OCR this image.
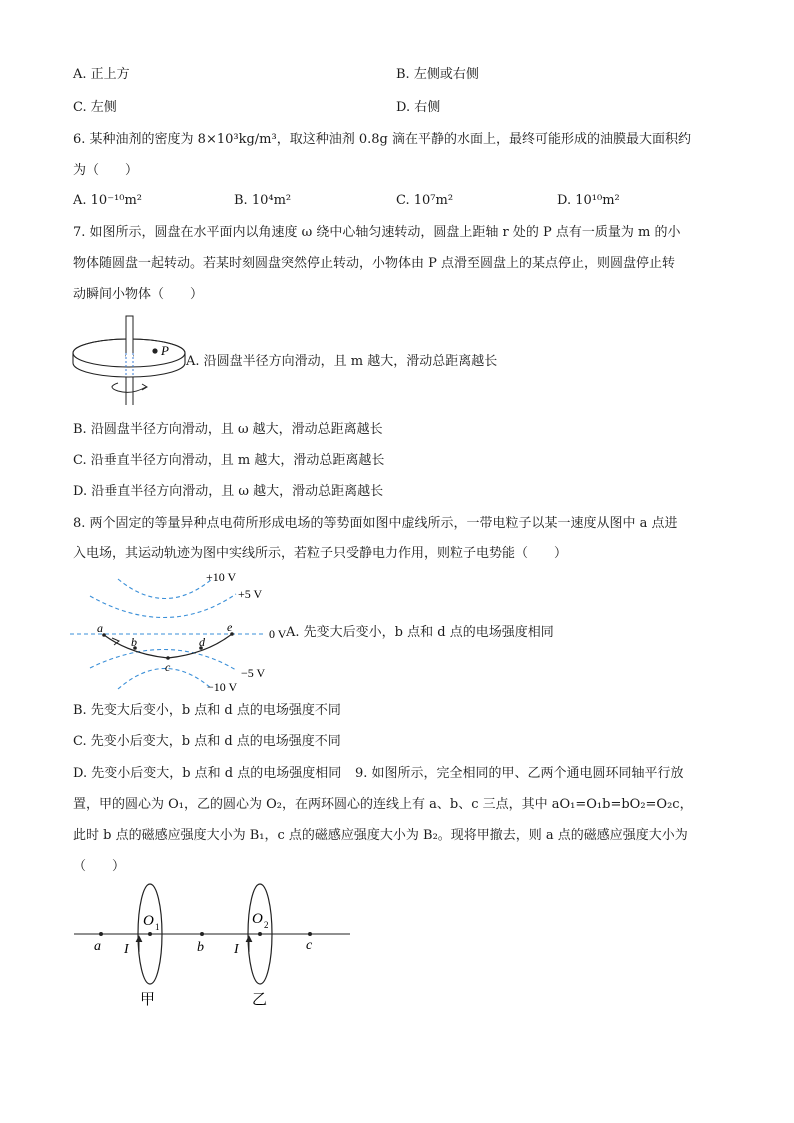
A. 正上方	B. 左侧或右侧
C. 左侧	D. 右侧
6. 某种油剂的密度为 8×10³kg/m³，取这种油剂 0.8g 滴在平静的水面上，最终可能形成的油膜最大面积约
为（　　）
A. 10⁻¹⁰m²	B. 10⁴m²	C. 10⁷m²	D. 10¹⁰m²
7. 如图所示，圆盘在水平面内以角速度 ω 绕中心轴匀速转动，圆盘上距轴 r 处的 P 点有一质量为 m 的小
物体随圆盘一起转动。若某时刻圆盘突然停止转动，小物体由 P 点滑至圆盘上的某点停止，则圆盘停止转
动瞬间小物体（　　）
P
A. 沿圆盘半径方向滑动，且 m 越大，滑动总距离越长
B. 沿圆盘半径方向滑动，且 ω 越大，滑动总距离越长
C. 沿垂直半径方向滑动，且 m 越大，滑动总距离越长
D. 沿垂直半径方向滑动，且 ω 越大，滑动总距离越长
8. 两个固定的等量异种点电荷所形成电场的等势面如图中虚线所示，一带电粒子以某一速度从图中 a 点进
入电场，其运动轨迹为图中实线所示，若粒子只受静电力作用，则粒子电势能（　　）
+10 V
+5 V
0 V
−5 V
−10 V
a
b
c
d
e	A. 先变大后变小，b 点和 d 点的电场强度相同
B. 先变大后变小，b 点和 d 点的电场强度不同
C. 先变小后变大，b 点和 d 点的电场强度不同
D. 先变小后变大，b 点和 d 点的电场强度相同 9. 如图所示，完全相同的甲、乙两个通电圆环同轴平行放
置，甲的圆心为 O₁，乙的圆心为 O₂，在两环圆心的连线上有 a、b、c 三点，其中 aO₁=O₁b=bO₂=O₂c，
此时 b 点的磁感应强度大小为 B₁，c 点的磁感应强度大小为 B₂。现将甲撤去，则 a 点的磁感应强度大小为
（　　）
a	b	c
O 1	O 2
I	I
甲	乙
